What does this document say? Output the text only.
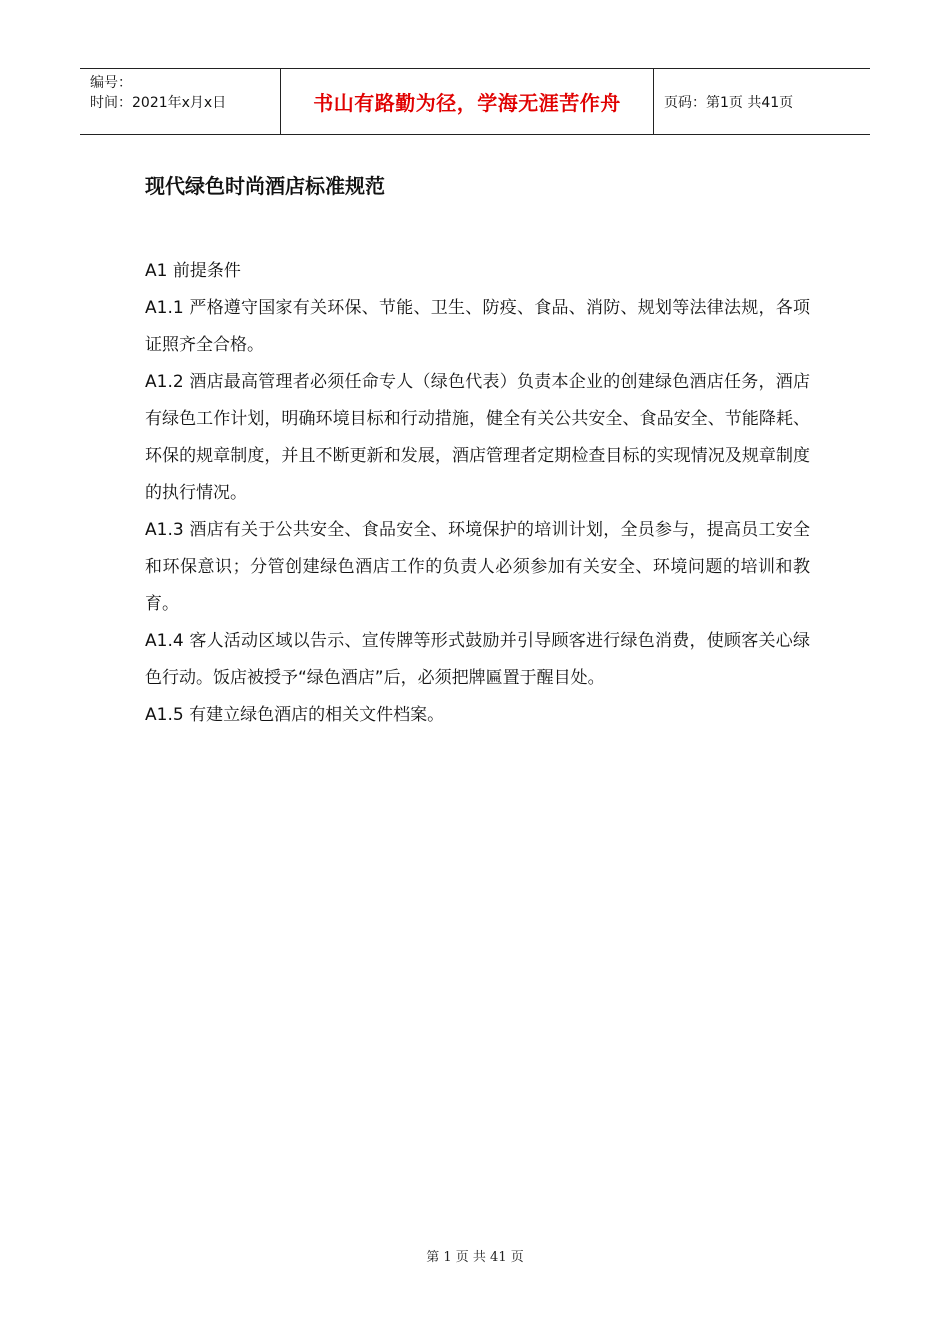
编号：
时间：2021年x月x日	书山有路勤为径，学海无涯苦作舟	页码：第1页 共41页
现代绿色时尚酒店标准规范

A1 前提条件

A1.1 严格遵守国家有关环保、节能、卫生、防疫、食品、消防、规划等法律法规，各项证照齐全合格。

A1.2 酒店最高管理者必须任命专人（绿色代表）负责本企业的创建绿色酒店任务，酒店有绿色工作计划，明确环境目标和行动措施，健全有关公共安全、食品安全、节能降耗、环保的规章制度，并且不断更新和发展，酒店管理者定期检查目标的实现情况及规章制度的执行情况。

A1.3 酒店有关于公共安全、食品安全、环境保护的培训计划，全员参与，提高员工安全和环保意识；分管创建绿色酒店工作的负责人必须参加有关安全、环境问题的培训和教育。

A1.4 客人活动区域以告示、宣传牌等形式鼓励并引导顾客进行绿色消费，使顾客关心绿色行动。饭店被授予“绿色酒店”后，必须把牌匾置于醒目处。

A1.5 有建立绿色酒店的相关文件档案。

第 1 页 共 41 页
